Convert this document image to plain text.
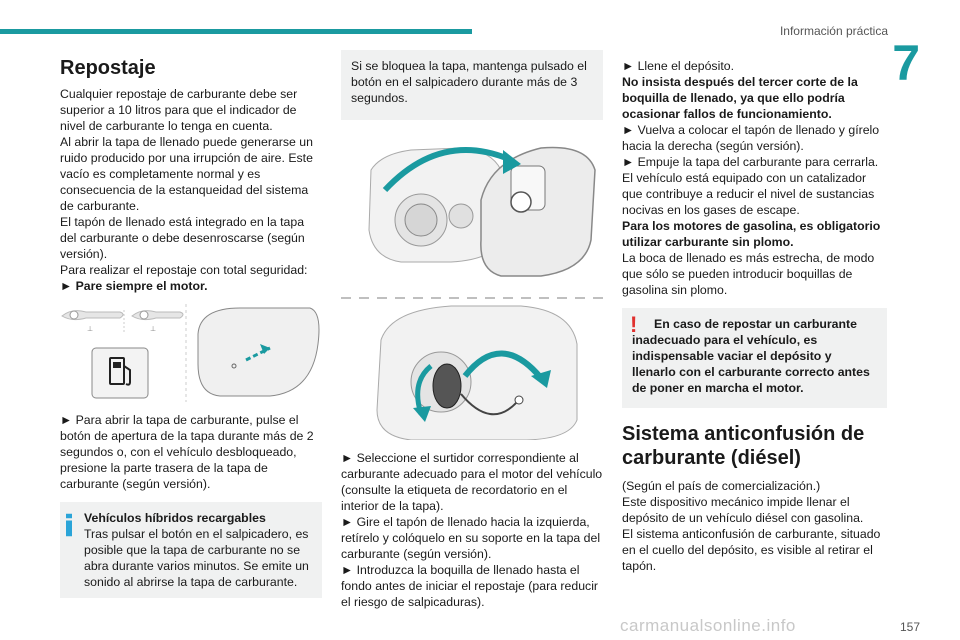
Información práctica
7
Repostaje

Cualquier repostaje de carburante debe ser superior a 10 litros para que el indicador de nivel de carburante lo tenga en cuenta.

Al abrir la tapa de llenado puede generarse un ruido producido por una irrupción de aire. Este vacío es completamente normal y es consecuencia de la estanqueidad del sistema de carburante.

El tapón de llenado está integrado en la tapa del carburante o debe desenroscarse (según versión).

Para realizar el repostaje con total seguridad:

► Pare siempre el motor.

⊥	⊥

► Para abrir la tapa de carburante, pulse el botón de apertura de la tapa durante más de 2 segundos o, con el vehículo desbloqueado, presione la parte trasera de la tapa de carburante (según versión).

Vehículos híbridos recargables

Tras pulsar el botón en el salpicadero, es posible que la tapa de carburante no se abra durante varios minutos. Se emite un sonido al abrirse la tapa de carburante.

Si se bloquea la tapa, mantenga pulsado el botón en el salpicadero durante más de 3 segundos.

► Seleccione el surtidor correspondiente al carburante adecuado para el motor del vehículo (consulte la etiqueta de recordatorio en el interior de la tapa).

► Gire el tapón de llenado hacia la izquierda, retírelo y colóquelo en su soporte en la tapa del carburante (según versión).

► Introduzca la boquilla de llenado hasta el fondo antes de iniciar el repostaje (para reducir el riesgo de salpicaduras).

► Llene el depósito.

No insista después del tercer corte de la boquilla de llenado, ya que ello podría ocasionar fallos de funcionamiento.

► Vuelva a colocar el tapón de llenado y gírelo hacia la derecha (según versión).

► Empuje la tapa del carburante para cerrarla.

El vehículo está equipado con un catalizador que contribuye a reducir el nivel de sustancias nocivas en los gases de escape.

Para los motores de gasolina, es obligatorio utilizar carburante sin plomo.

La boca de llenado es más estrecha, de modo que sólo se pueden introducir boquillas de gasolina sin plomo.

!	En caso de repostar un carburante inadecuado para el vehículo, es indispensable vaciar el depósito y llenarlo con el carburante correcto antes de poner en marcha el motor.

Sistema anticonfusión de carburante (diésel)

(Según el país de comercialización.)

Este dispositivo mecánico impide llenar el depósito de un vehículo diésel con gasolina.

El sistema anticonfusión de carburante, situado en el cuello del depósito, es visible al retirar el tapón.

carmanualsonline.info	157
